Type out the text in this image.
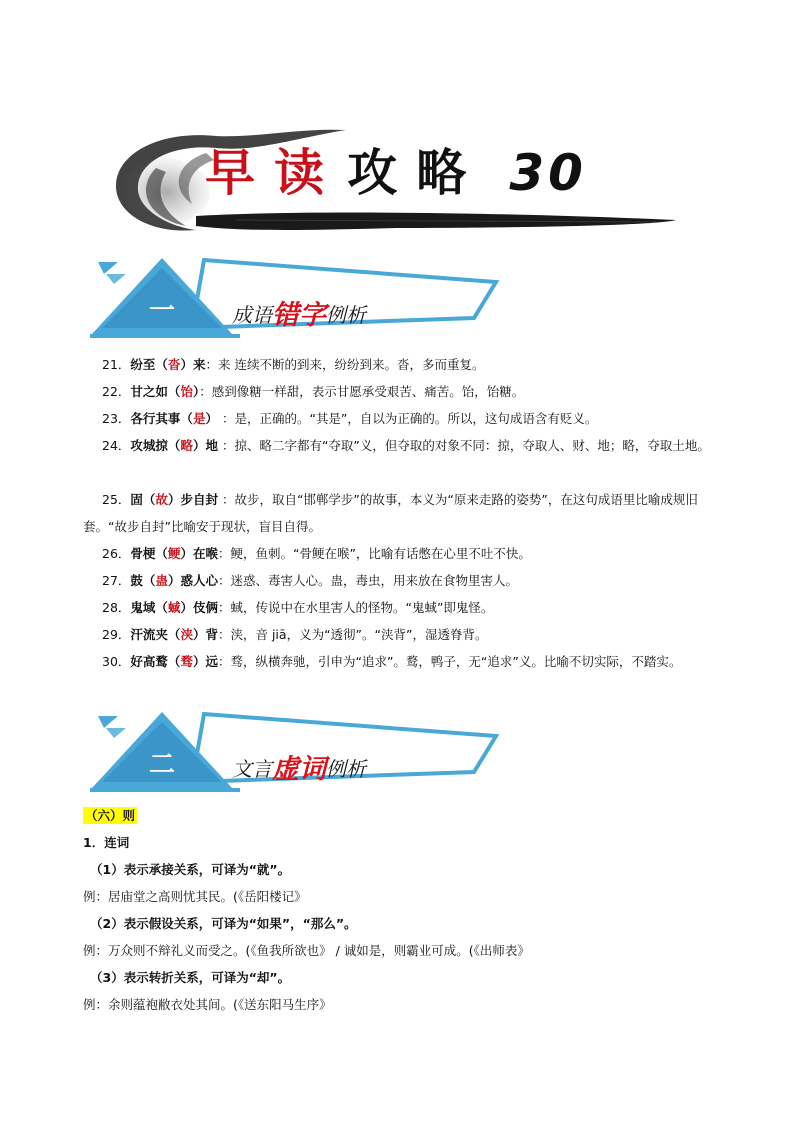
早 读 攻 略 30
一	成语错字例析
21．纷至（沓）来：来 连续不断的到来，纷纷到来。沓，多而重复。
22．甘之如（饴）：感到像糖一样甜，表示甘愿承受艰苦、痛苦。饴，饴糖。
23．各行其事（是） ：是，正确的。“其是”，自以为正确的。所以，这句成语含有贬义。
24．攻城掠（略）地 ：掠、略二字都有“夺取”义，但夺取的对象不同：掠，夺取人、财、地；略，夺取土地。
25．固（故）步自封 ：故步，取自“邯郸学步”的故事，本义为“原来走路的姿势”，在这句成语里比喻成规旧套。“故步自封”比喻安于现状，盲目自得。
26．骨梗（鲠）在喉：鲠，鱼刺。“骨鲠在喉”，比喻有话憋在心里不吐不快。
27．鼓（蛊）惑人心：迷惑、毒害人心。蛊，毒虫，用来放在食物里害人。
28．鬼域（蜮）伎俩：蜮，传说中在水里害人的怪物。“鬼蜮”即鬼怪。
29．汗流夹（浃）背：浃，音 jiā，义为“透彻”。“浃背”，湿透脊背。
30．好高鹜（骛）远：骛，纵横奔驰，引申为“追求”。鹜，鸭子，无“追求”义。比喻不切实际，不踏实。
二	文言虚词例析
（六）则
1．连词
（1）表示承接关系，可译为“就”。
例：居庙堂之高则忧其民。(《岳阳楼记》
（2）表示假设关系，可译为“如果”，“那么”。
例：万众则不辩礼义而受之。(《鱼我所欲也》 / 诚如是，则霸业可成。(《出师表》
（3）表示转折关系，可译为“却”。
例：余则蕴袍敝衣处其间。(《送东阳马生序》
